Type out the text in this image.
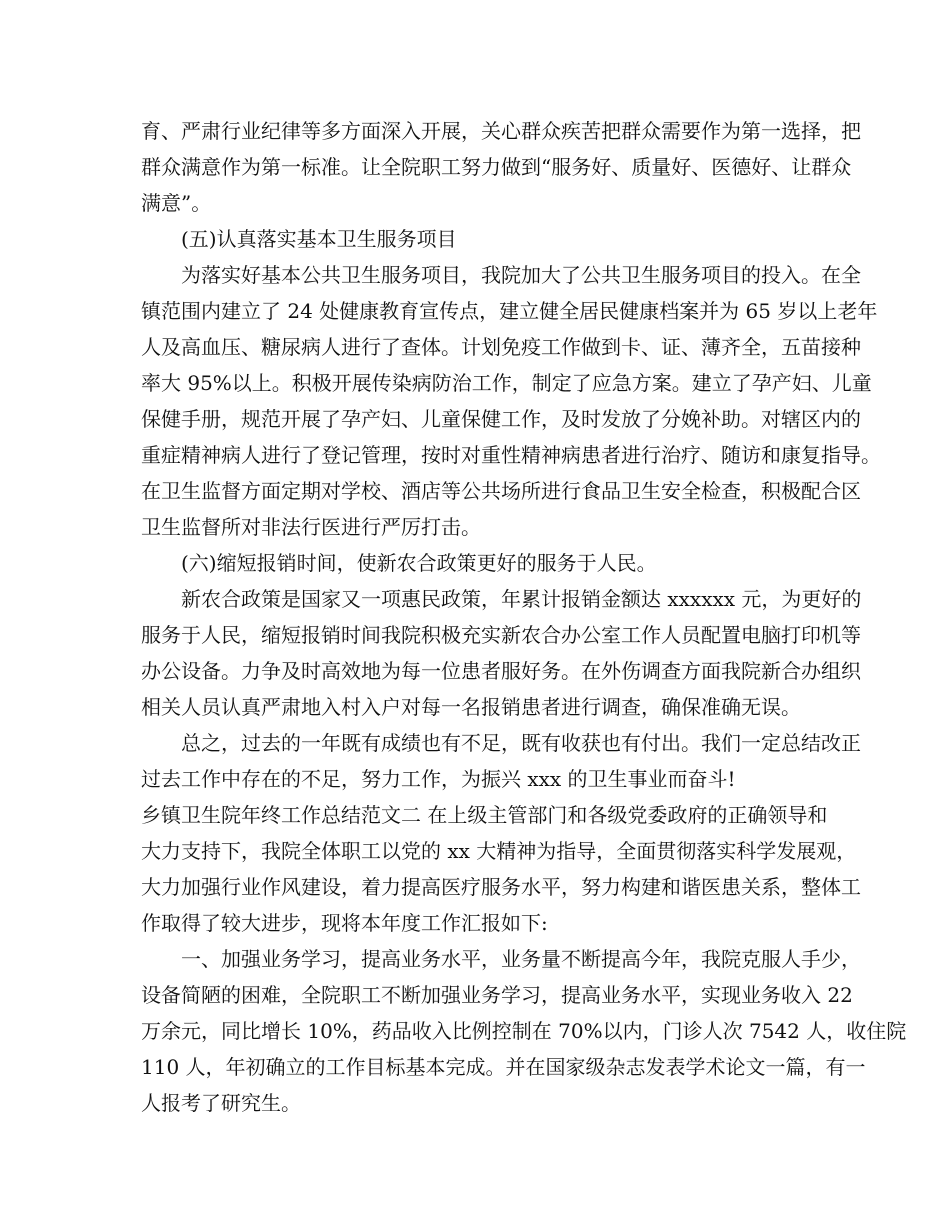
育、严肃行业纪律等多方面深入开展，关心群众疾苦把群众需要作为第一选择，把
群众满意作为第一标准。让全院职工努力做到“服务好、质量好、医德好、让群众
满意”。
(五)认真落实基本卫生服务项目
为落实好基本公共卫生服务项目，我院加大了公共卫生服务项目的投入。在全
镇范围内建立了 24 处健康教育宣传点，建立健全居民健康档案并为 65 岁以上老年
人及高血压、糖尿病人进行了查体。计划免疫工作做到卡、证、薄齐全，五苗接种
率大 95%以上。积极开展传染病防治工作，制定了应急方案。建立了孕产妇、儿童
保健手册，规范开展了孕产妇、儿童保健工作，及时发放了分娩补助。对辖区内的
重症精神病人进行了登记管理，按时对重性精神病患者进行治疗、随访和康复指导。
在卫生监督方面定期对学校、酒店等公共场所进行食品卫生安全检查，积极配合区
卫生监督所对非法行医进行严厉打击。
(六)缩短报销时间，使新农合政策更好的服务于人民。
新农合政策是国家又一项惠民政策，年累计报销金额达 xxxxxx 元，为更好的
服务于人民，缩短报销时间我院积极充实新农合办公室工作人员配置电脑打印机等
办公设备。力争及时高效地为每一位患者服好务。在外伤调查方面我院新合办组织
相关人员认真严肃地入村入户对每一名报销患者进行调查，确保准确无误。
总之，过去的一年既有成绩也有不足，既有收获也有付出。我们一定总结改正
过去工作中存在的不足，努力工作，为振兴 xxx 的卫生事业而奋斗!
乡镇卫生院年终工作总结范文二 在上级主管部门和各级党委政府的正确领导和
大力支持下，我院全体职工以党的 xx 大精神为指导，全面贯彻落实科学发展观，
大力加强行业作风建设，着力提高医疗服务水平，努力构建和谐医患关系，整体工
作取得了较大进步，现将本年度工作汇报如下:
一、加强业务学习，提高业务水平，业务量不断提高今年，我院克服人手少，
设备简陋的困难，全院职工不断加强业务学习，提高业务水平，实现业务收入 22
万余元，同比增长 10%，药品收入比例控制在 70%以内，门诊人次 7542 人，收住院
110 人，年初确立的工作目标基本完成。并在国家级杂志发表学术论文一篇，有一
人报考了研究生。
